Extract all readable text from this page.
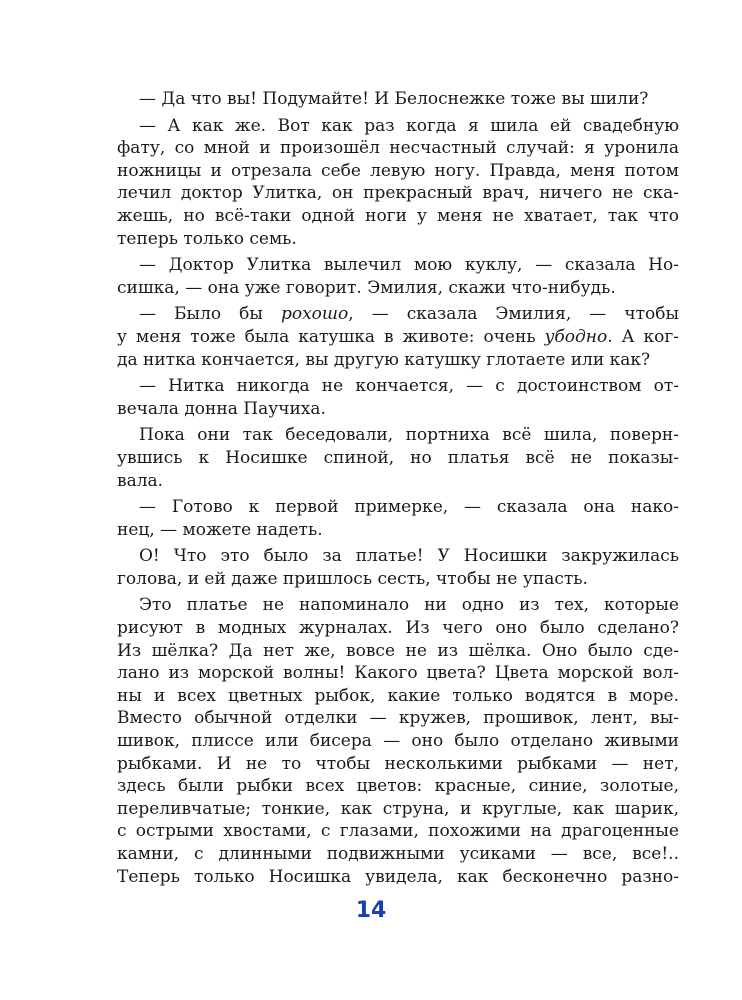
— Да что вы! Подумайте! И Белоснежке тоже вы шили?
— А как же. Вот как раз когда я шила ей свадебную
фату, со мной и произошёл несчастный случай: я уронила
ножницы и отрезала себе левую ногу. Правда, меня потом
лечил доктор Улитка, он прекрасный врач, ничего не ска-
жешь, но всё-таки одной ноги у меня не хватает, так что
теперь только семь.
— Доктор Улитка вылечил мою куклу, — сказала Но-
сишка, — она уже говорит. Эмилия, скажи что-нибудь.
— Было бы рохошо, — сказала Эмилия, — чтобы
у меня тоже была катушка в животе: очень убодно. А ког-
да нитка кончается, вы другую катушку глотаете или как?
— Нитка никогда не кончается, — с достоинством от-
вечала донна Паучиха.
Пока они так беседовали, портниха всё шила, поверн-
увшись к Носишке спиной, но платья всё не показы-
вала.
— Готово к первой примерке, — сказала она нако-
нец, — можете надеть.
О! Что это было за платье! У Носишки закружилась
голова, и ей даже пришлось сесть, чтобы не упасть.
Это платье не напоминало ни одно из тех, которые
рисуют в модных журналах. Из чего оно было сделано?
Из шёлка? Да нет же, вовсе не из шёлка. Оно было сде-
лано из морской волны! Какого цвета? Цвета морской вол-
ны и всех цветных рыбок, какие только водятся в море.
Вместо обычной отделки — кружев, прошивок, лент, вы-
шивок, плиссе или бисера — оно было отделано живыми
рыбками. И не то чтобы несколькими рыбками — нет,
здесь были рыбки всех цветов: красные, синие, золотые,
переливчатые; тонкие, как струна, и круглые, как шарик,
с острыми хвостами, с глазами, похожими на драгоценные
камни, с длинными подвижными усиками — все, все!..
Теперь только Носишка увидела, как бесконечно разно-
14
